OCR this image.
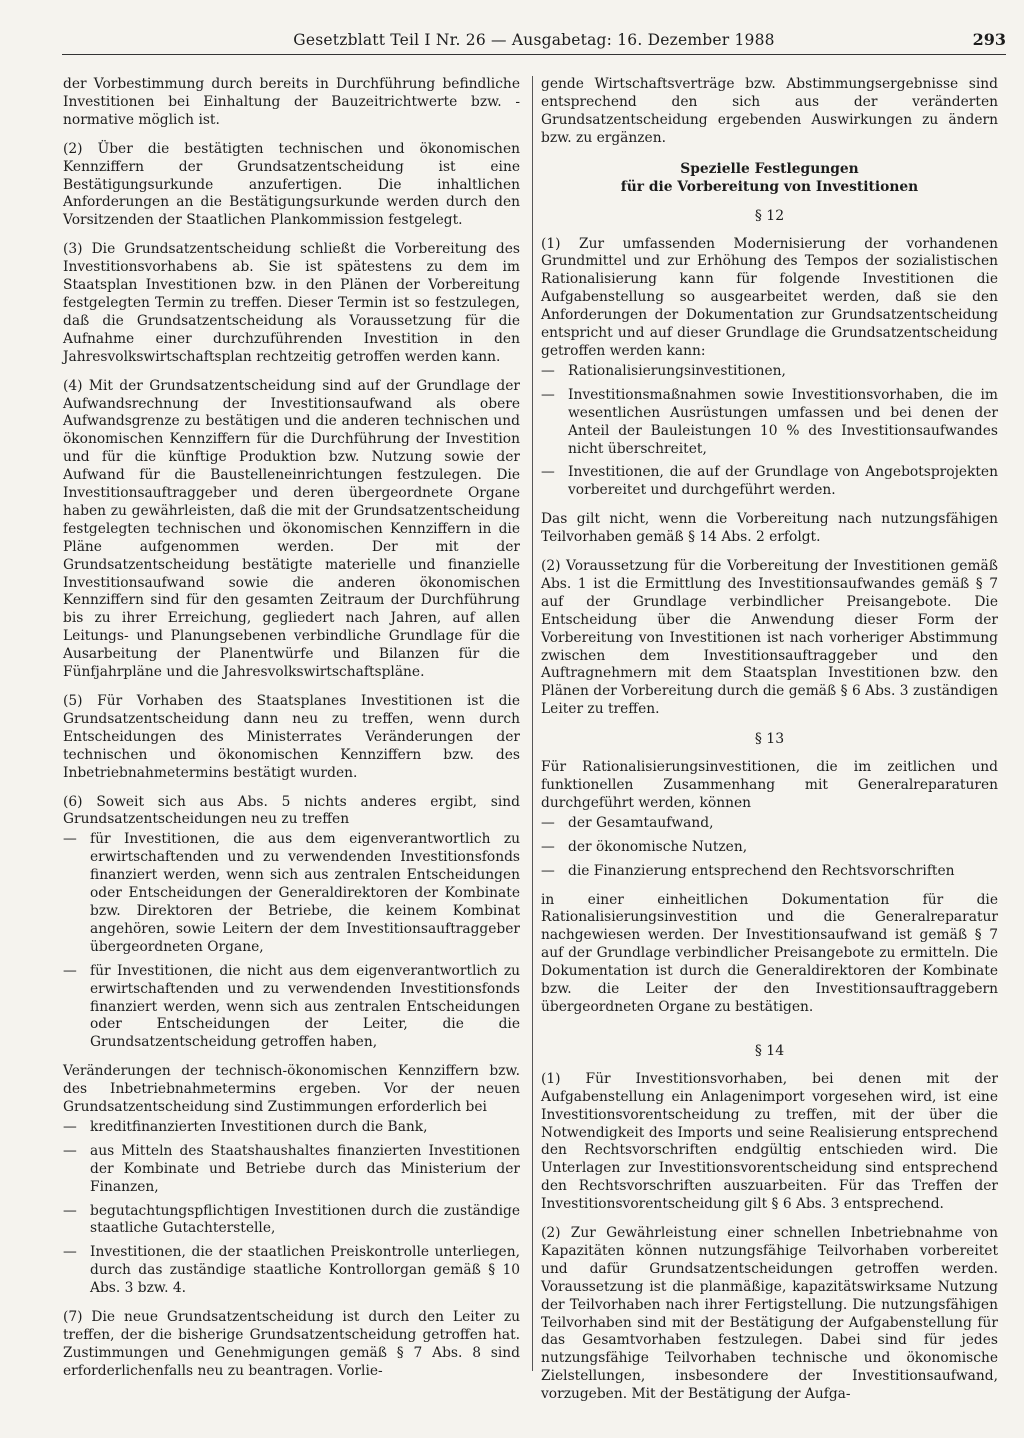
Gesetzblatt Teil I Nr. 26 — Ausgabetag: 16. Dezember 1988	293

der Vorbestimmung durch bereits in Durchführung befindliche Investitionen bei Einhaltung der Bauzeitrichtwerte bzw. -normative möglich ist.

(2) Über die bestätigten technischen und ökonomischen Kennziffern der Grundsatzentscheidung ist eine Bestätigungsurkunde anzufertigen. Die inhaltlichen Anforderungen an die Bestätigungsurkunde werden durch den Vorsitzenden der Staatlichen Plankommission festgelegt.

(3) Die Grundsatzentscheidung schließt die Vorbereitung des Investitionsvorhabens ab. Sie ist spätestens zu dem im Staatsplan Investitionen bzw. in den Plänen der Vorbereitung festgelegten Termin zu treffen. Dieser Termin ist so festzulegen, daß die Grundsatzentscheidung als Voraussetzung für die Aufnahme einer durchzuführenden Investition in den Jahresvolkswirtschaftsplan rechtzeitig getroffen werden kann.

(4) Mit der Grundsatzentscheidung sind auf der Grundlage der Aufwandsrechnung der Investitionsaufwand als obere Aufwandsgrenze zu bestätigen und die anderen technischen und ökonomischen Kennziffern für die Durchführung der Investition und für die künftige Produktion bzw. Nutzung sowie der Aufwand für die Baustelleneinrichtungen festzulegen. Die Investitionsauftraggeber und deren übergeordnete Organe haben zu gewährleisten, daß die mit der Grundsatzentscheidung festgelegten technischen und ökonomischen Kennziffern in die Pläne aufgenommen werden. Der mit der Grundsatzentscheidung bestätigte materielle und finanzielle Investitionsaufwand sowie die anderen ökonomischen Kennziffern sind für den gesamten Zeitraum der Durchführung bis zu ihrer Erreichung, gegliedert nach Jahren, auf allen Leitungs- und Planungsebenen verbindliche Grundlage für die Ausarbeitung der Planentwürfe und Bilanzen für die Fünfjahrpläne und die Jahresvolkswirtschaftspläne.

(5) Für Vorhaben des Staatsplanes Investitionen ist die Grundsatzentscheidung dann neu zu treffen, wenn durch Entscheidungen des Ministerrates Veränderungen der technischen und ökonomischen Kennziffern bzw. des Inbetriebnahmetermins bestätigt wurden.

(6) Soweit sich aus Abs. 5 nichts anderes ergibt, sind Grundsatzentscheidungen neu zu treffen

— für Investitionen, die aus dem eigenverantwortlich zu erwirtschaftenden und zu verwendenden Investitionsfonds finanziert werden, wenn sich aus zentralen Entscheidungen oder Entscheidungen der Generaldirektoren der Kombinate bzw. Direktoren der Betriebe, die keinem Kombinat angehören, sowie Leitern der dem Investitionsauftraggeber übergeordneten Organe,
— für Investitionen, die nicht aus dem eigenverantwortlich zu erwirtschaftenden und zu verwendenden Investitionsfonds finanziert werden, wenn sich aus zentralen Entscheidungen oder Entscheidungen der Leiter, die die Grundsatzentscheidung getroffen haben,

Veränderungen der technisch-ökonomischen Kennziffern bzw. des Inbetriebnahmetermins ergeben. Vor der neuen Grundsatzentscheidung sind Zustimmungen erforderlich bei

— kreditfinanzierten Investitionen durch die Bank,
— aus Mitteln des Staatshaushaltes finanzierten Investitionen der Kombinate und Betriebe durch das Ministerium der Finanzen,
— begutachtungspflichtigen Investitionen durch die zuständige staatliche Gutachterstelle,
— Investitionen, die der staatlichen Preiskontrolle unterliegen, durch das zuständige staatliche Kontrollorgan gemäß § 10 Abs. 3 bzw. 4.

(7) Die neue Grundsatzentscheidung ist durch den Leiter zu treffen, der die bisherige Grundsatzentscheidung getroffen hat. Zustimmungen und Genehmigungen gemäß § 7 Abs. 8 sind erforderlichenfalls neu zu beantragen. Vorlie-

gende Wirtschaftsverträge bzw. Abstimmungsergebnisse sind entsprechend den sich aus der veränderten Grundsatzentscheidung ergebenden Auswirkungen zu ändern bzw. zu ergänzen.

Spezielle Festlegungen
für die Vorbereitung von Investitionen
§ 12

(1) Zur umfassenden Modernisierung der vorhandenen Grundmittel und zur Erhöhung des Tempos der sozialistischen Rationalisierung kann für folgende Investitionen die Aufgabenstellung so ausgearbeitet werden, daß sie den Anforderungen der Dokumentation zur Grundsatzentscheidung entspricht und auf dieser Grundlage die Grundsatzentscheidung getroffen werden kann:

— Rationalisierungsinvestitionen,
— Investitionsmaßnahmen sowie Investitionsvorhaben, die im wesentlichen Ausrüstungen umfassen und bei denen der Anteil der Bauleistungen 10 % des Investitionsaufwandes nicht überschreitet,
— Investitionen, die auf der Grundlage von Angebotsprojekten vorbereitet und durchgeführt werden.

Das gilt nicht, wenn die Vorbereitung nach nutzungsfähigen Teilvorhaben gemäß § 14 Abs. 2 erfolgt.

(2) Voraussetzung für die Vorbereitung der Investitionen gemäß Abs. 1 ist die Ermittlung des Investitionsaufwandes gemäß § 7 auf der Grundlage verbindlicher Preisangebote. Die Entscheidung über die Anwendung dieser Form der Vorbereitung von Investitionen ist nach vorheriger Abstimmung zwischen dem Investitionsauftraggeber und den Auftragnehmern mit dem Staatsplan Investitionen bzw. den Plänen der Vorbereitung durch die gemäß § 6 Abs. 3 zuständigen Leiter zu treffen.

§ 13

Für Rationalisierungsinvestitionen, die im zeitlichen und funktionellen Zusammenhang mit Generalreparaturen durchgeführt werden, können

— der Gesamtaufwand,
— der ökonomische Nutzen,
— die Finanzierung entsprechend den Rechtsvorschriften

in einer einheitlichen Dokumentation für die Rationalisierungsinvestition und die Generalreparatur nachgewiesen werden. Der Investitionsaufwand ist gemäß § 7 auf der Grundlage verbindlicher Preisangebote zu ermitteln. Die Dokumentation ist durch die Generaldirektoren der Kombinate bzw. die Leiter der den Investitionsauftraggebern übergeordneten Organe zu bestätigen.

§ 14

(1) Für Investitionsvorhaben, bei denen mit der Aufgabenstellung ein Anlagenimport vorgesehen wird, ist eine Investitionsvorentscheidung zu treffen, mit der über die Notwendigkeit des Imports und seine Realisierung entsprechend den Rechtsvorschriften endgültig entschieden wird. Die Unterlagen zur Investitionsvorentscheidung sind entsprechend den Rechtsvorschriften auszuarbeiten. Für das Treffen der Investitionsvorentscheidung gilt § 6 Abs. 3 entsprechend.

(2) Zur Gewährleistung einer schnellen Inbetriebnahme von Kapazitäten können nutzungsfähige Teilvorhaben vorbereitet und dafür Grundsatzentscheidungen getroffen werden. Voraussetzung ist die planmäßige, kapazitätswirksame Nutzung der Teilvorhaben nach ihrer Fertigstellung. Die nutzungsfähigen Teilvorhaben sind mit der Bestätigung der Aufgabenstellung für das Gesamtvorhaben festzulegen. Dabei sind für jedes nutzungsfähige Teilvorhaben technische und ökonomische Zielstellungen, insbesondere der Investitionsaufwand, vorzugeben. Mit der Bestätigung der Aufga-
